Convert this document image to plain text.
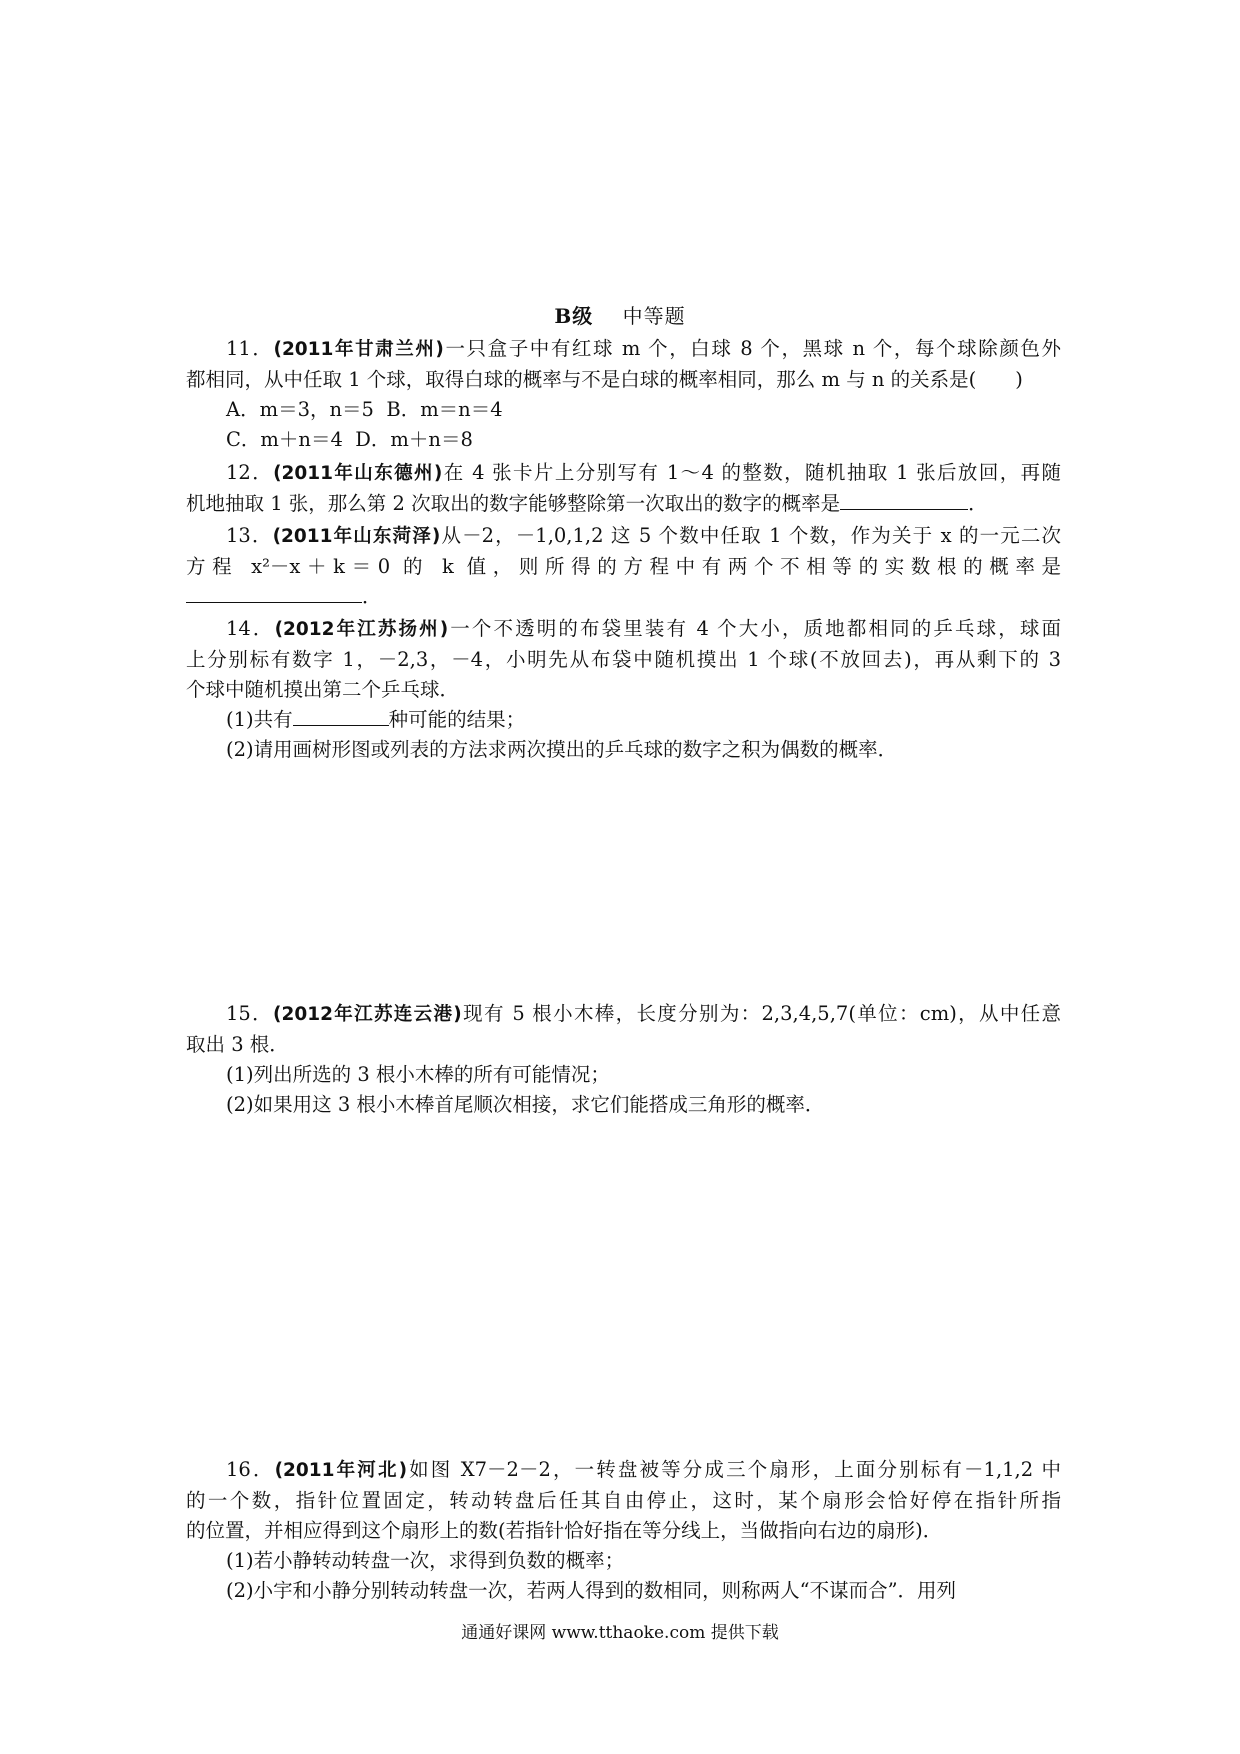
B级 中等题
11．(2011年甘肃兰州)一只盒子中有红球 m 个，白球 8 个，黑球 n 个，每个球除颜色外
都相同，从中任取 1 个球，取得白球的概率与不是白球的概率相同，那么 m 与 n 的关系是(　　)
A．m＝3，n＝5 B．m＝n＝4
C．m＋n＝4 D．m＋n＝8
12．(2011年山东德州)在 4 张卡片上分别写有 1～4 的整数，随机抽取 1 张后放回，再随
机地抽取 1 张，那么第 2 次取出的数字能够整除第一次取出的数字的概率是	．
13．(2011年山东菏泽)从－2，－1,0,1,2 这 5 个数中任取 1 个数，作为关于 x 的一元二次
方程 x²－x＋k＝0 的 k 值，则所得的方程中有两个不相等的实数根的概率是
．
14．(2012年江苏扬州)一个不透明的布袋里装有 4 个大小，质地都相同的乒乓球，球面
上分别标有数字 1，－2,3，－4，小明先从布袋中随机摸出 1 个球(不放回去)，再从剩下的 3
个球中随机摸出第二个乒乓球．
(1)共有	种可能的结果；
(2)请用画树形图或列表的方法求两次摸出的乒乓球的数字之积为偶数的概率．
15．(2012年江苏连云港)现有 5 根小木棒，长度分别为：2,3,4,5,7(单位：cm)，从中任意
取出 3 根．
(1)列出所选的 3 根小木棒的所有可能情况；
(2)如果用这 3 根小木棒首尾顺次相接，求它们能搭成三角形的概率．
16．(2011年河北)如图 X7－2－2，一转盘被等分成三个扇形，上面分别标有－1,1,2 中
的一个数，指针位置固定，转动转盘后任其自由停止，这时，某个扇形会恰好停在指针所指
的位置，并相应得到这个扇形上的数(若指针恰好指在等分线上，当做指向右边的扇形)．
(1)若小静转动转盘一次，求得到负数的概率；
(2)小宇和小静分别转动转盘一次，若两人得到的数相同，则称两人“不谋而合”．用列
通通好课网 www.tthaoke.com 提供下载
